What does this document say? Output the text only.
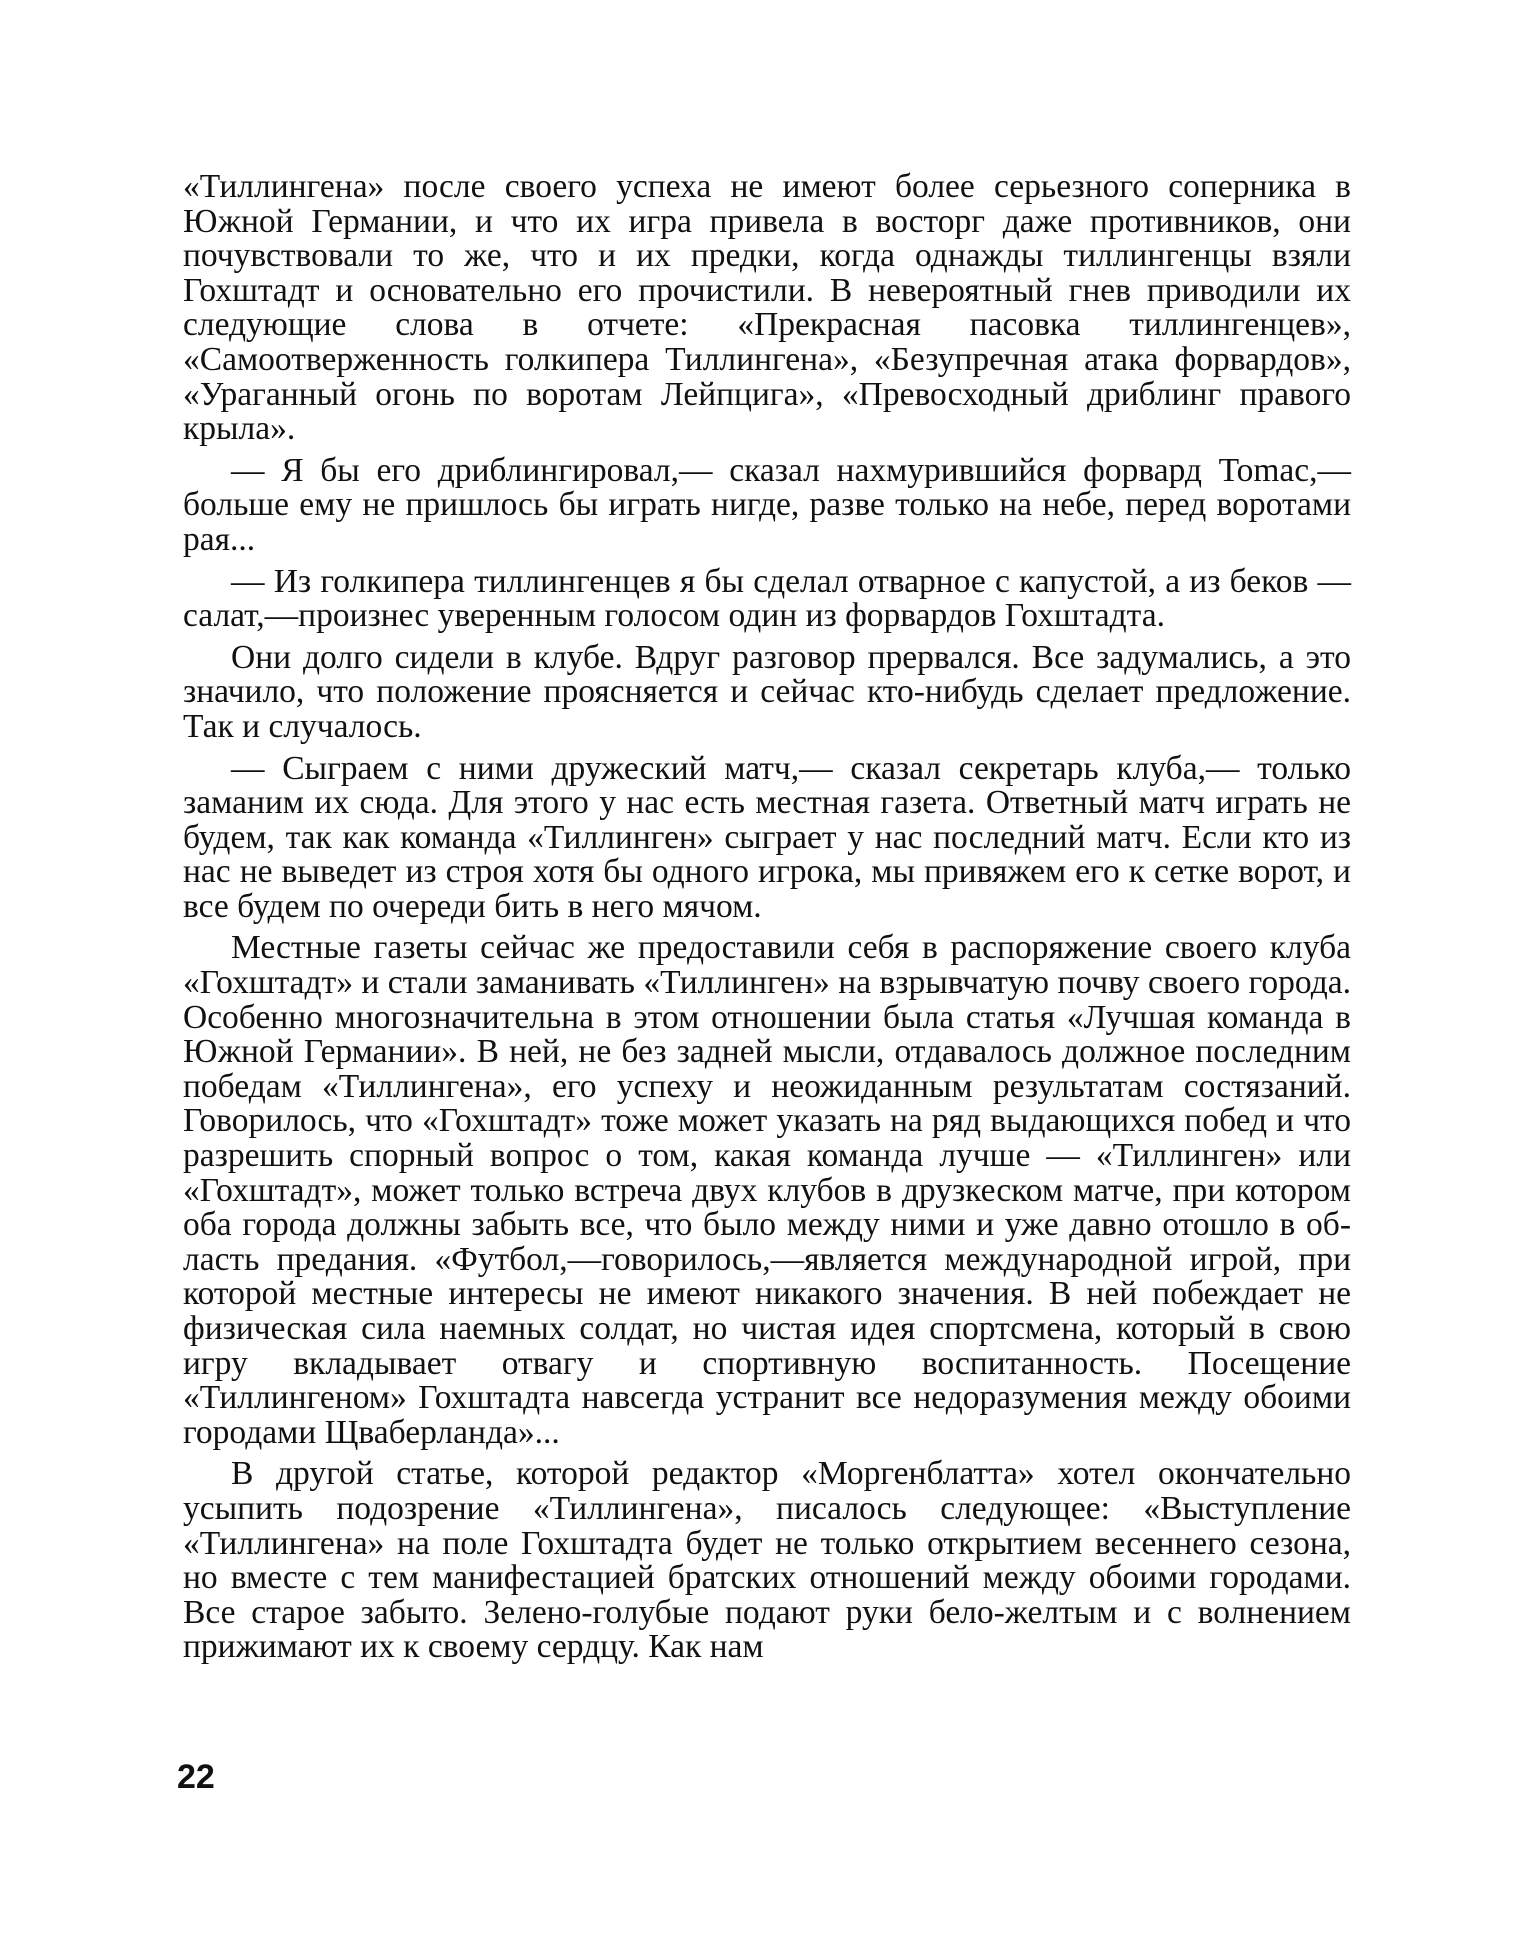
«Тиллингена» после своего успеха не имеют более серьезного соперника в Южной Германии, и что их игра привела в восторг даже противников, они почувствовали то же, что и их предки, когда однажды тиллингенцы взяли Гохштадт и основательно его прочистили. В невероятный гнев приводили их следующие слова в отчете: «Прекрасная пасовка тиллингенцев», «Самоотверженность голкипера Тиллингена», «Безупречная атака форвардов», «Ураганный огонь по воротам Лейпцига», «Превосходный дриблинг правого крыла».

— Я бы его дриблингировал,— сказал нахмурившийся форвард Тоmас,— больше ему не пришлось бы играть нигде, разве только на небе, перед воротами рая...

— Из голкипера тиллингенцев я бы сделал отварное с капустой, а из беков — салат,—произнес уверенным голосом один из форвардов Гохштадта.

Они долго сидели в клубе. Вдруг разговор прервался. Все задумались, а это значило, что положение проясняется и сейчас кто-нибудь сделает предложение. Так и случалось.

— Сыграем с ними дружеский матч,— сказал секретарь клуба,— только заманим их сюда. Для этого у нас есть местная газета. Ответный матч играть не будем, так как команда «Тиллинген» сыграет у нас последний матч. Если кто из нас не выведет из строя хотя бы одного игрока, мы привяжем его к сетке ворот, и все будем по очереди бить в него мячом.

Местные газеты сейчас же предоставили себя в распоряжение своего клуба «Гохштадт» и стали заманивать «Тиллинген» на взрывчатую почву своего города. Особенно многозначительна в этом отношении была статья «Лучшая команда в Южной Германии». В ней, не без задней мысли, отдавалось должное последним победам «Тиллингена», его успеху и неожиданным результатам состязаний. Говорилось, что «Гохштадт» тоже может указать на ряд выдающихся побед и что разрешить спорный вопрос о том, какая команда лучше — «Тиллинген» или «Гохштадт», может только встреча двух клубов в друзкеском матче, при котором оба города должны забыть все, что было между ними и уже давно отошло в область предания. «Футбол,—говорилось,—является международной игрой, при которой местные интересы не имеют никакого значения. В ней побеждает не физическая сила наемных солдат, но чистая идея спортсмена, который в свою игру вкладывает отвагу и спортивную воспитанность. Посещение «Тиллингеном» Гохштадта навсегда устранит все недоразумения между обоими городами Щваберланда»...

В другой статье, которой редактор «Моргенблатта» хотел окончательно усыпить подозрение «Тиллингена», писалось следующее: «Выступление «Тиллингена» на поле Гохштадта будет не только открытием весеннего сезона, но вместе с тем манифестацией братских отношений между обоими городами. Все старое забыто. Зелено-голубые подают руки бело-желтым и с волнением прижимают их к своему сердцу. Как нам

22
